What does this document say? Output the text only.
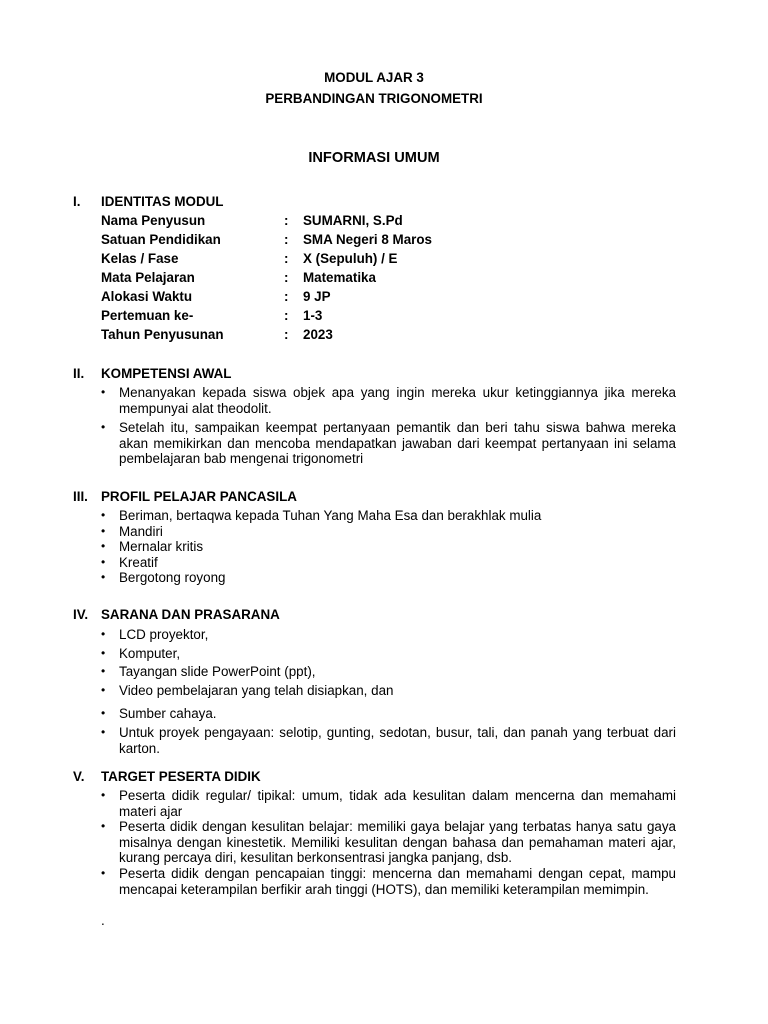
MODUL AJAR 3
PERBANDINGAN TRIGONOMETRI
INFORMASI UMUM
I. IDENTITAS MODUL
Nama Penyusun	: SUMARNI, S.Pd
Satuan Pendidikan	: SMA Negeri 8 Maros
Kelas / Fase	: X (Sepuluh) / E
Mata Pelajaran	: Matematika
Alokasi Waktu	: 9 JP
Pertemuan ke-	: 1-3
Tahun Penyusunan	: 2023
II. KOMPETENSI AWAL
• Menanyakan kepada siswa objek apa yang ingin mereka ukur ketinggiannya jika mereka mempunyai alat theodolit.
• Setelah itu, sampaikan keempat pertanyaan pemantik dan beri tahu siswa bahwa mereka akan memikirkan dan mencoba mendapatkan jawaban dari keempat pertanyaan ini selama pembelajaran bab mengenai trigonometri
III. PROFIL PELAJAR PANCASILA
• Beriman, bertaqwa kepada Tuhan Yang Maha Esa dan berakhlak mulia
• Mandiri
• Mernalar kritis
• Kreatif
• Bergotong royong
IV. SARANA DAN PRASARANA
• LCD proyektor,
• Komputer,
• Tayangan slide PowerPoint (ppt),
• Video pembelajaran yang telah disiapkan, dan
• Sumber cahaya.
• Untuk proyek pengayaan: selotip, gunting, sedotan, busur, tali, dan panah yang terbuat dari karton.
V. TARGET PESERTA DIDIK
• Peserta didik regular/ tipikal: umum, tidak ada kesulitan dalam mencerna dan memahami materi ajar
• Peserta didik dengan kesulitan belajar: memiliki gaya belajar yang terbatas hanya satu gaya misalnya dengan kinestetik. Memiliki kesulitan dengan bahasa dan pemahaman materi ajar, kurang percaya diri, kesulitan berkonsentrasi jangka panjang, dsb.
• Peserta didik dengan pencapaian tinggi: mencerna dan memahami dengan cepat, mampu mencapai keterampilan berfikir arah tinggi (HOTS), dan memiliki keterampilan memimpin.
.
